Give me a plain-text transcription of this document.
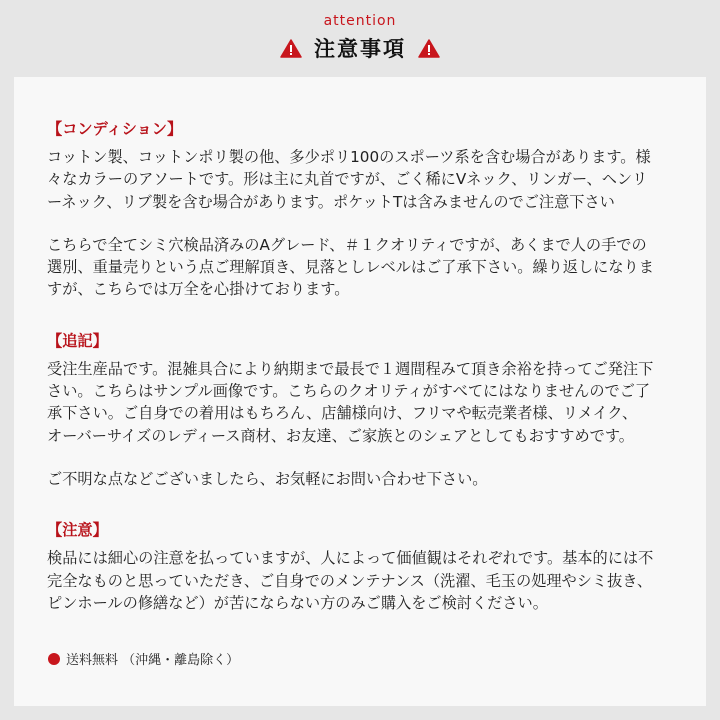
attention
注意事項
【コンディション】
コットン製、コットンポリ製の他、多少ポリ100のスポーツ系を含む場合があります。様
々なカラーのアソートです。形は主に丸首ですが、ごく稀にVネック、リンガー、ヘンリ
ーネック、リブ製を含む場合があります。ポケットTは含みませんのでご注意下さい
こちらで全てシミ穴検品済みのAグレード、＃１クオリティですが、あくまで人の手での
選別、重量売りという点ご理解頂き、見落としレベルはご了承下さい。繰り返しになりま
すが、こちらでは万全を心掛けております。
【追記】
受注生産品です。混雑具合により納期まで最長で１週間程みて頂き余裕を持ってご発注下
さい。こちらはサンプル画像です。こちらのクオリティがすべてにはなりませんのでご了
承下さい。ご自身での着用はもちろん、店舗様向け、フリマや転売業者様、リメイク、
オーバーサイズのレディース商材、お友達、ご家族とのシェアとしてもおすすめです。
ご不明な点などございましたら、お気軽にお問い合わせ下さい。
【注意】
検品には細心の注意を払っていますが、人によって価値観はそれぞれです。基本的には不
完全なものと思っていただき、ご自身でのメンテナンス（洗濯、毛玉の処理やシミ抜き、
ピンホールの修繕など）が苦にならない方のみご購入をご検討ください。
送料無料 （沖縄・離島除く）
